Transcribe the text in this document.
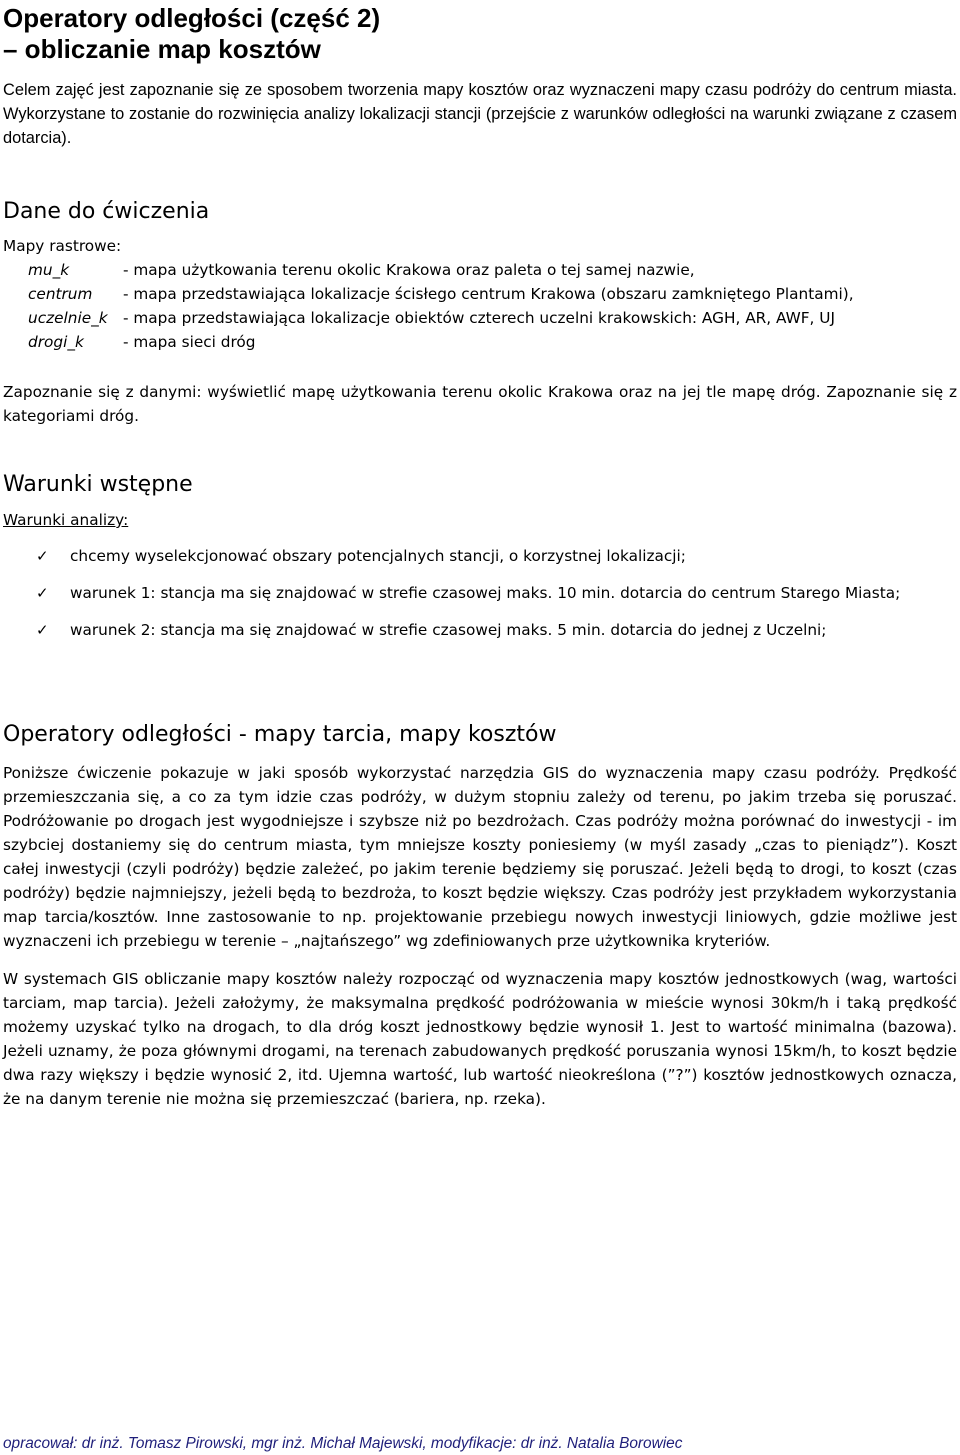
Operatory odległości (część 2)
– obliczanie map kosztów

Celem zajęć jest zapoznanie się ze sposobem tworzenia mapy kosztów oraz wyznaczeni mapy czasu podróży do centrum miasta. Wykorzystane to zostanie do rozwinięcia analizy lokalizacji stancji (przejście z warunków odległości na warunki związane z czasem dotarcia).

Dane do ćwiczenia
Mapy rastrowe:
mu_k	- mapa użytkowania terenu okolic Krakowa oraz paleta o tej samej nazwie,
centrum	- mapa przedstawiająca lokalizacje ścisłego centrum Krakowa (obszaru zamkniętego Plantami),
uczelnie_k	- mapa przedstawiająca lokalizacje obiektów czterech uczelni krakowskich: AGH, AR, AWF, UJ
drogi_k	- mapa sieci dróg

Zapoznanie się z danymi: wyświetlić mapę użytkowania terenu okolic Krakowa oraz na jej tle mapę dróg. Zapoznanie się z kategoriami dróg.

Warunki wstępne
Warunki analizy:
✓ chcemy wyselekcjonować obszary potencjalnych stancji, o korzystnej lokalizacji;
✓ warunek 1: stancja ma się znajdować w strefie czasowej maks. 10 min. dotarcia do centrum Starego Miasta;
✓ warunek 2: stancja ma się znajdować w strefie czasowej maks. 5 min. dotarcia do jednej z Uczelni;
Operatory odległości - mapy tarcia, mapy kosztów

Poniższe ćwiczenie pokazuje w jaki sposób wykorzystać narzędzia GIS do wyznaczenia mapy czasu podróży. Prędkość przemieszczania się, a co za tym idzie czas podróży, w dużym stopniu zależy od terenu, po jakim trzeba się poruszać. Podróżowanie po drogach jest wygodniejsze i szybsze niż po bezdrożach. Czas podróży można porównać do inwestycji - im szybciej dostaniemy się do centrum miasta, tym mniejsze koszty poniesiemy (w myśl zasady „czas to pieniądz”). Koszt całej inwestycji (czyli podróży) będzie zależeć, po jakim terenie będziemy się poruszać. Jeżeli będą to drogi, to koszt (czas podróży) będzie najmniejszy, jeżeli będą to bezdroża, to koszt będzie większy. Czas podróży jest przykładem wykorzystania map tarcia/kosztów. Inne zastosowanie to np. projektowanie przebiegu nowych inwestycji liniowych, gdzie możliwe jest wyznaczeni ich przebiegu w terenie – „najtańszego” wg zdefiniowanych prze użytkownika kryteriów.

W systemach GIS obliczanie mapy kosztów należy rozpocząć od wyznaczenia mapy kosztów jednostkowych (wag, wartości tarciam, map tarcia). Jeżeli założymy, że maksymalna prędkość podróżowania w mieście wynosi 30km/h i taką prędkość możemy uzyskać tylko na drogach, to dla dróg koszt jednostkowy będzie wynosił 1. Jest to wartość minimalna (bazowa). Jeżeli uznamy, że poza głównymi drogami, na terenach zabudowanych prędkość poruszania wynosi 15km/h, to koszt będzie dwa razy większy i będzie wynosić 2, itd. Ujemna wartość, lub wartość nieokreślona (”?”) kosztów jednostkowych oznacza, że na danym terenie nie można się przemieszczać (bariera, np. rzeka).

opracował: dr inż. Tomasz Pirowski, mgr inż. Michał Majewski, modyfikacje: dr inż. Natalia Borowiec
